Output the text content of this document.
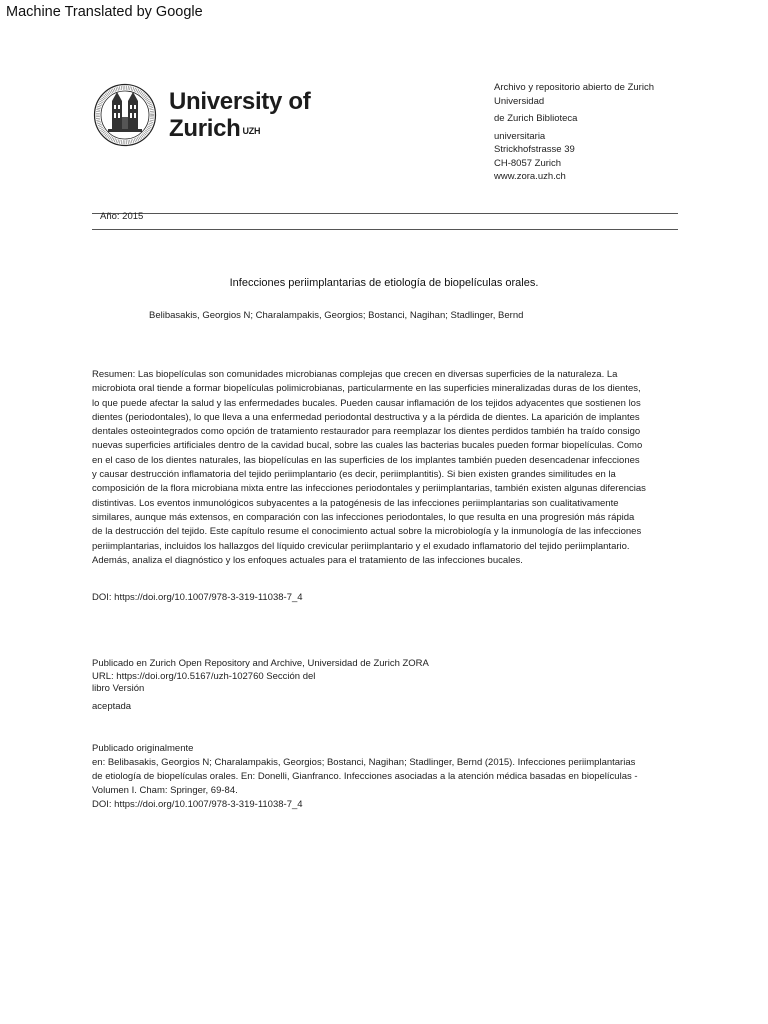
Machine Translated by Google
University of
Zurich $^{UZH}$
Archivo y repositorio abierto de Zurich
Universidad
de Zurich Biblioteca
universitaria
Strickhofstrasse 39
CH-8057 Zurich
www.zora.uzh.ch
Año: 2015
Infecciones periimplantarias de etiología de biopelículas orales.
Belibasakis, Georgios N; Charalampakis, Georgios; Bostanci, Nagihan; Stadlinger, Bernd
Resumen: Las biopelículas son comunidades microbianas complejas que crecen en diversas superficies de la naturaleza. La
microbiota oral tiende a formar biopelículas polimicrobianas, particularmente en las superficies mineralizadas duras de los dientes,
lo que puede afectar la salud y las enfermedades bucales. Pueden causar inflamación de los tejidos adyacentes que sostienen los
dientes (periodontales), lo que lleva a una enfermedad periodontal destructiva y a la pérdida de dientes. La aparición de implantes
dentales osteointegrados como opción de tratamiento restaurador para reemplazar los dientes perdidos también ha traído consigo
nuevas superficies artificiales dentro de la cavidad bucal, sobre las cuales las bacterias bucales pueden formar biopelículas. Como
en el caso de los dientes naturales, las biopelículas en las superficies de los implantes también pueden desencadenar infecciones
y causar destrucción inflamatoria del tejido periimplantario (es decir, periimplantitis). Si bien existen grandes similitudes en la
composición de la flora microbiana mixta entre las infecciones periodontales y periimplantarias, también existen algunas diferencias
distintivas. Los eventos inmunológicos subyacentes a la patogénesis de las infecciones periimplantarias son cualitativamente
similares, aunque más extensos, en comparación con las infecciones periodontales, lo que resulta en una progresión más rápida
de la destrucción del tejido. Este capítulo resume el conocimiento actual sobre la microbiología y la inmunología de las infecciones
periimplantarias, incluidos los hallazgos del líquido crevicular periimplantario y el exudado inflamatorio del tejido periimplantario.
Además, analiza el diagnóstico y los enfoques actuales para el tratamiento de las infecciones bucales.
DOI: https://doi.org/10.1007/978-3-319-11038-7_4
Publicado en Zurich Open Repository and Archive, Universidad de Zurich ZORA
URL: https://doi.org/10.5167/uzh-102760 Sección del
libro Versión
aceptada
Publicado originalmente
en: Belibasakis, Georgios N; Charalampakis, Georgios; Bostanci, Nagihan; Stadlinger, Bernd (2015). Infecciones periimplantarias
de etiología de biopelículas orales. En: Donelli, Gianfranco. Infecciones asociadas a la atención médica basadas en biopelículas -
Volumen I. Cham: Springer, 69-84.
DOI: https://doi.org/10.1007/978-3-319-11038-7_4
